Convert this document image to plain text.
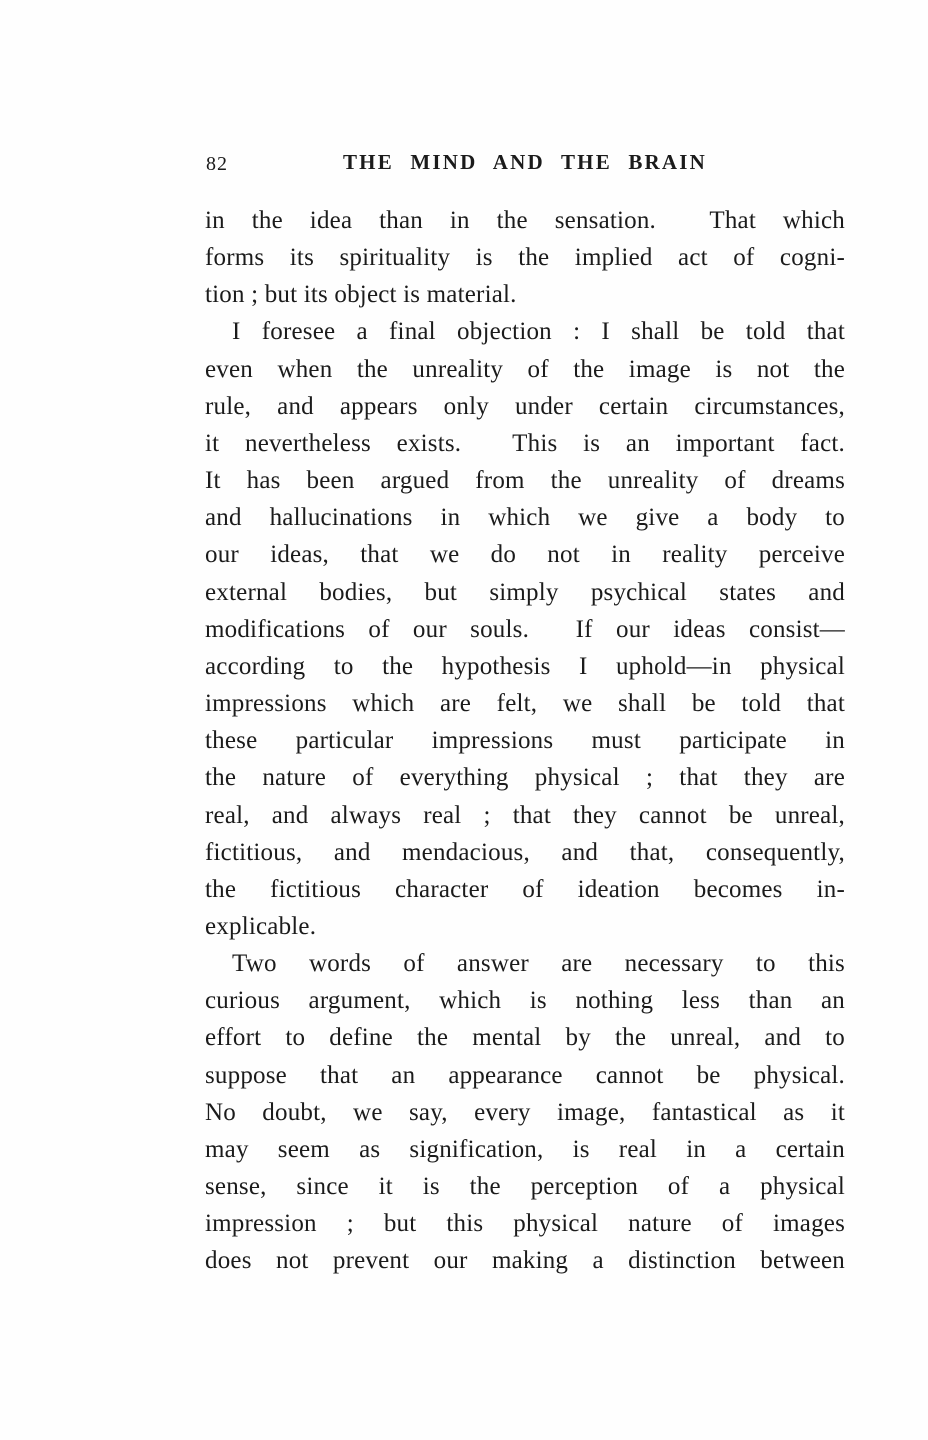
82	THE MIND AND THE BRAIN
in the idea than in the sensation.  That which
forms its spirituality is the implied act of cogni-
tion ; but its object is material.
I foresee a final objection : I shall be told that
even when the unreality of the image is not the
rule, and appears only under certain circumstances,
it nevertheless exists.  This is an important fact.
It has been argued from the unreality of dreams
and hallucinations in which we give a body to
our ideas, that we do not in reality perceive
external bodies, but simply psychical states and
modifications of our souls.  If our ideas consist—
according to the hypothesis I uphold—in physical
impressions which are felt, we shall be told that
these particular impressions must participate in
the nature of everything physical ; that they are
real, and always real ; that they cannot be unreal,
fictitious, and mendacious, and that, consequently,
the fictitious character of ideation becomes in-
explicable.
Two words of answer are necessary to this
curious argument, which is nothing less than an
effort to define the mental by the unreal, and to
suppose that an appearance cannot be physical.
No doubt, we say, every image, fantastical as it
may seem as signification, is real in a certain
sense, since it is the perception of a physical
impression ; but this physical nature of images
does not prevent our making a distinction between
